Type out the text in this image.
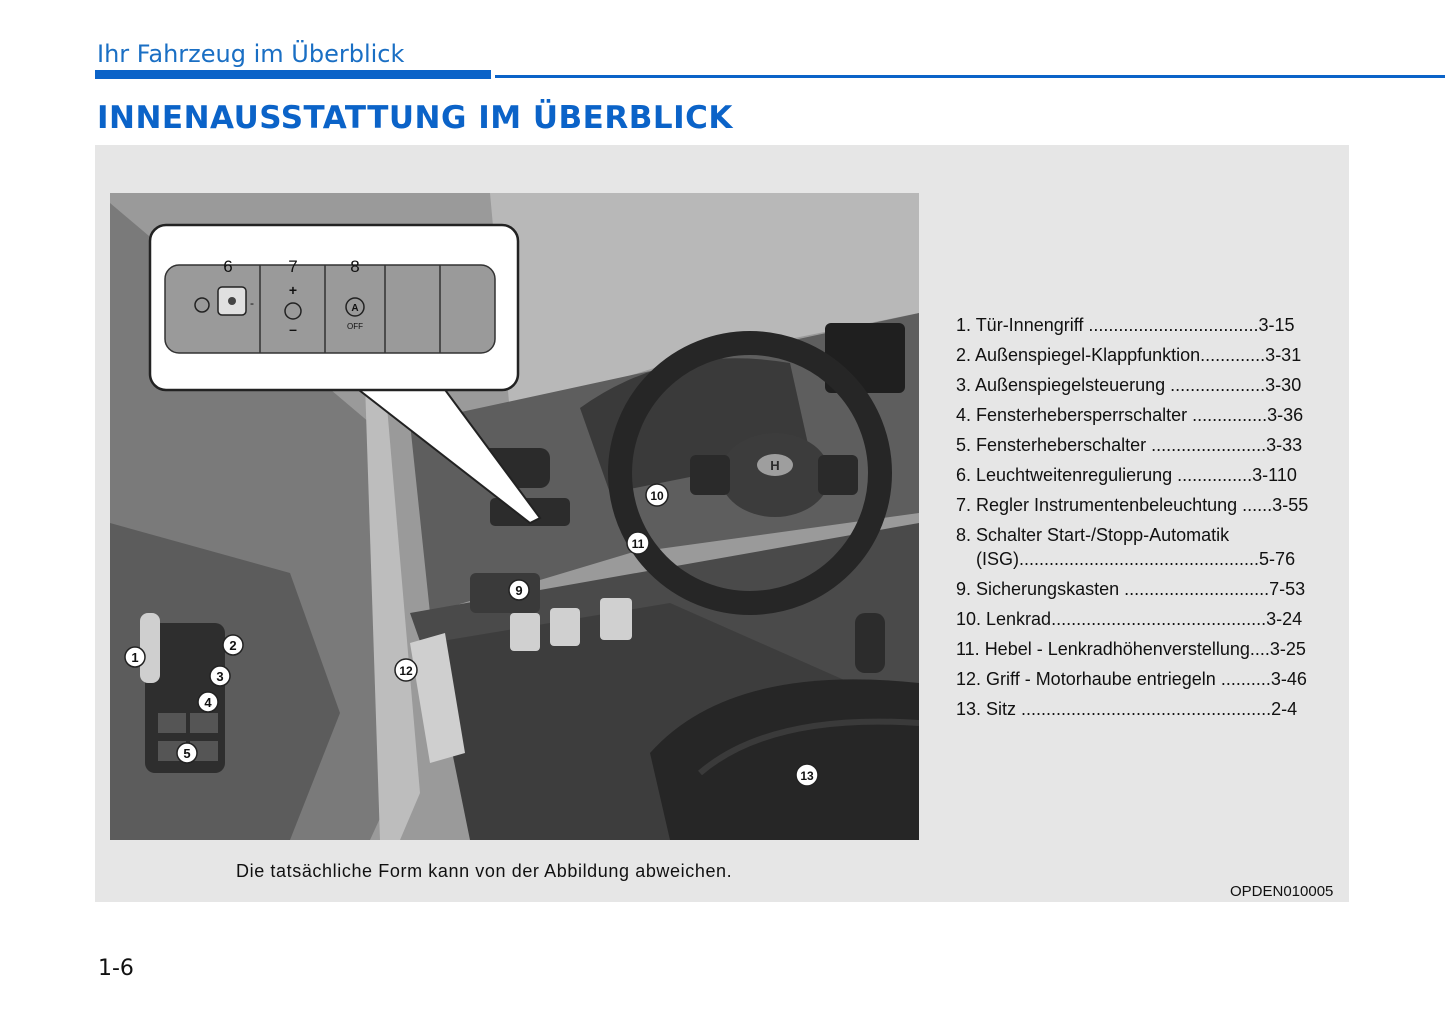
Ihr Fahrzeug im Überblick
INNENAUSSTATTUNG IM ÜBERBLICK
H
-
+
–
A
OFF
6	7	8
1
2
3
4
5
9
10
11
12
13
1. Tür-Innengriff ..................................3-15
2. Außenspiegel-Klappfunktion.............3-31
3. Außenspiegelsteuerung ...................3-30
4. Fensterhebersperrschalter ...............3-36
5. Fensterheberschalter .......................3-33
6. Leuchtweitenregulierung ...............3-110
7. Regler Instrumentenbeleuchtung ......3-55
8. Schalter Start-/Stopp-Automatik
(ISG)................................................5-76
9. Sicherungskasten .............................7-53
10. Lenkrad...........................................3-24
11. Hebel - Lenkradhöhenverstellung....3-25
12. Griff - Motorhaube entriegeln ..........3-46
13. Sitz ..................................................2-4
Die tatsächliche Form kann von der Abbildung abweichen.
OPDEN010005
1-6
